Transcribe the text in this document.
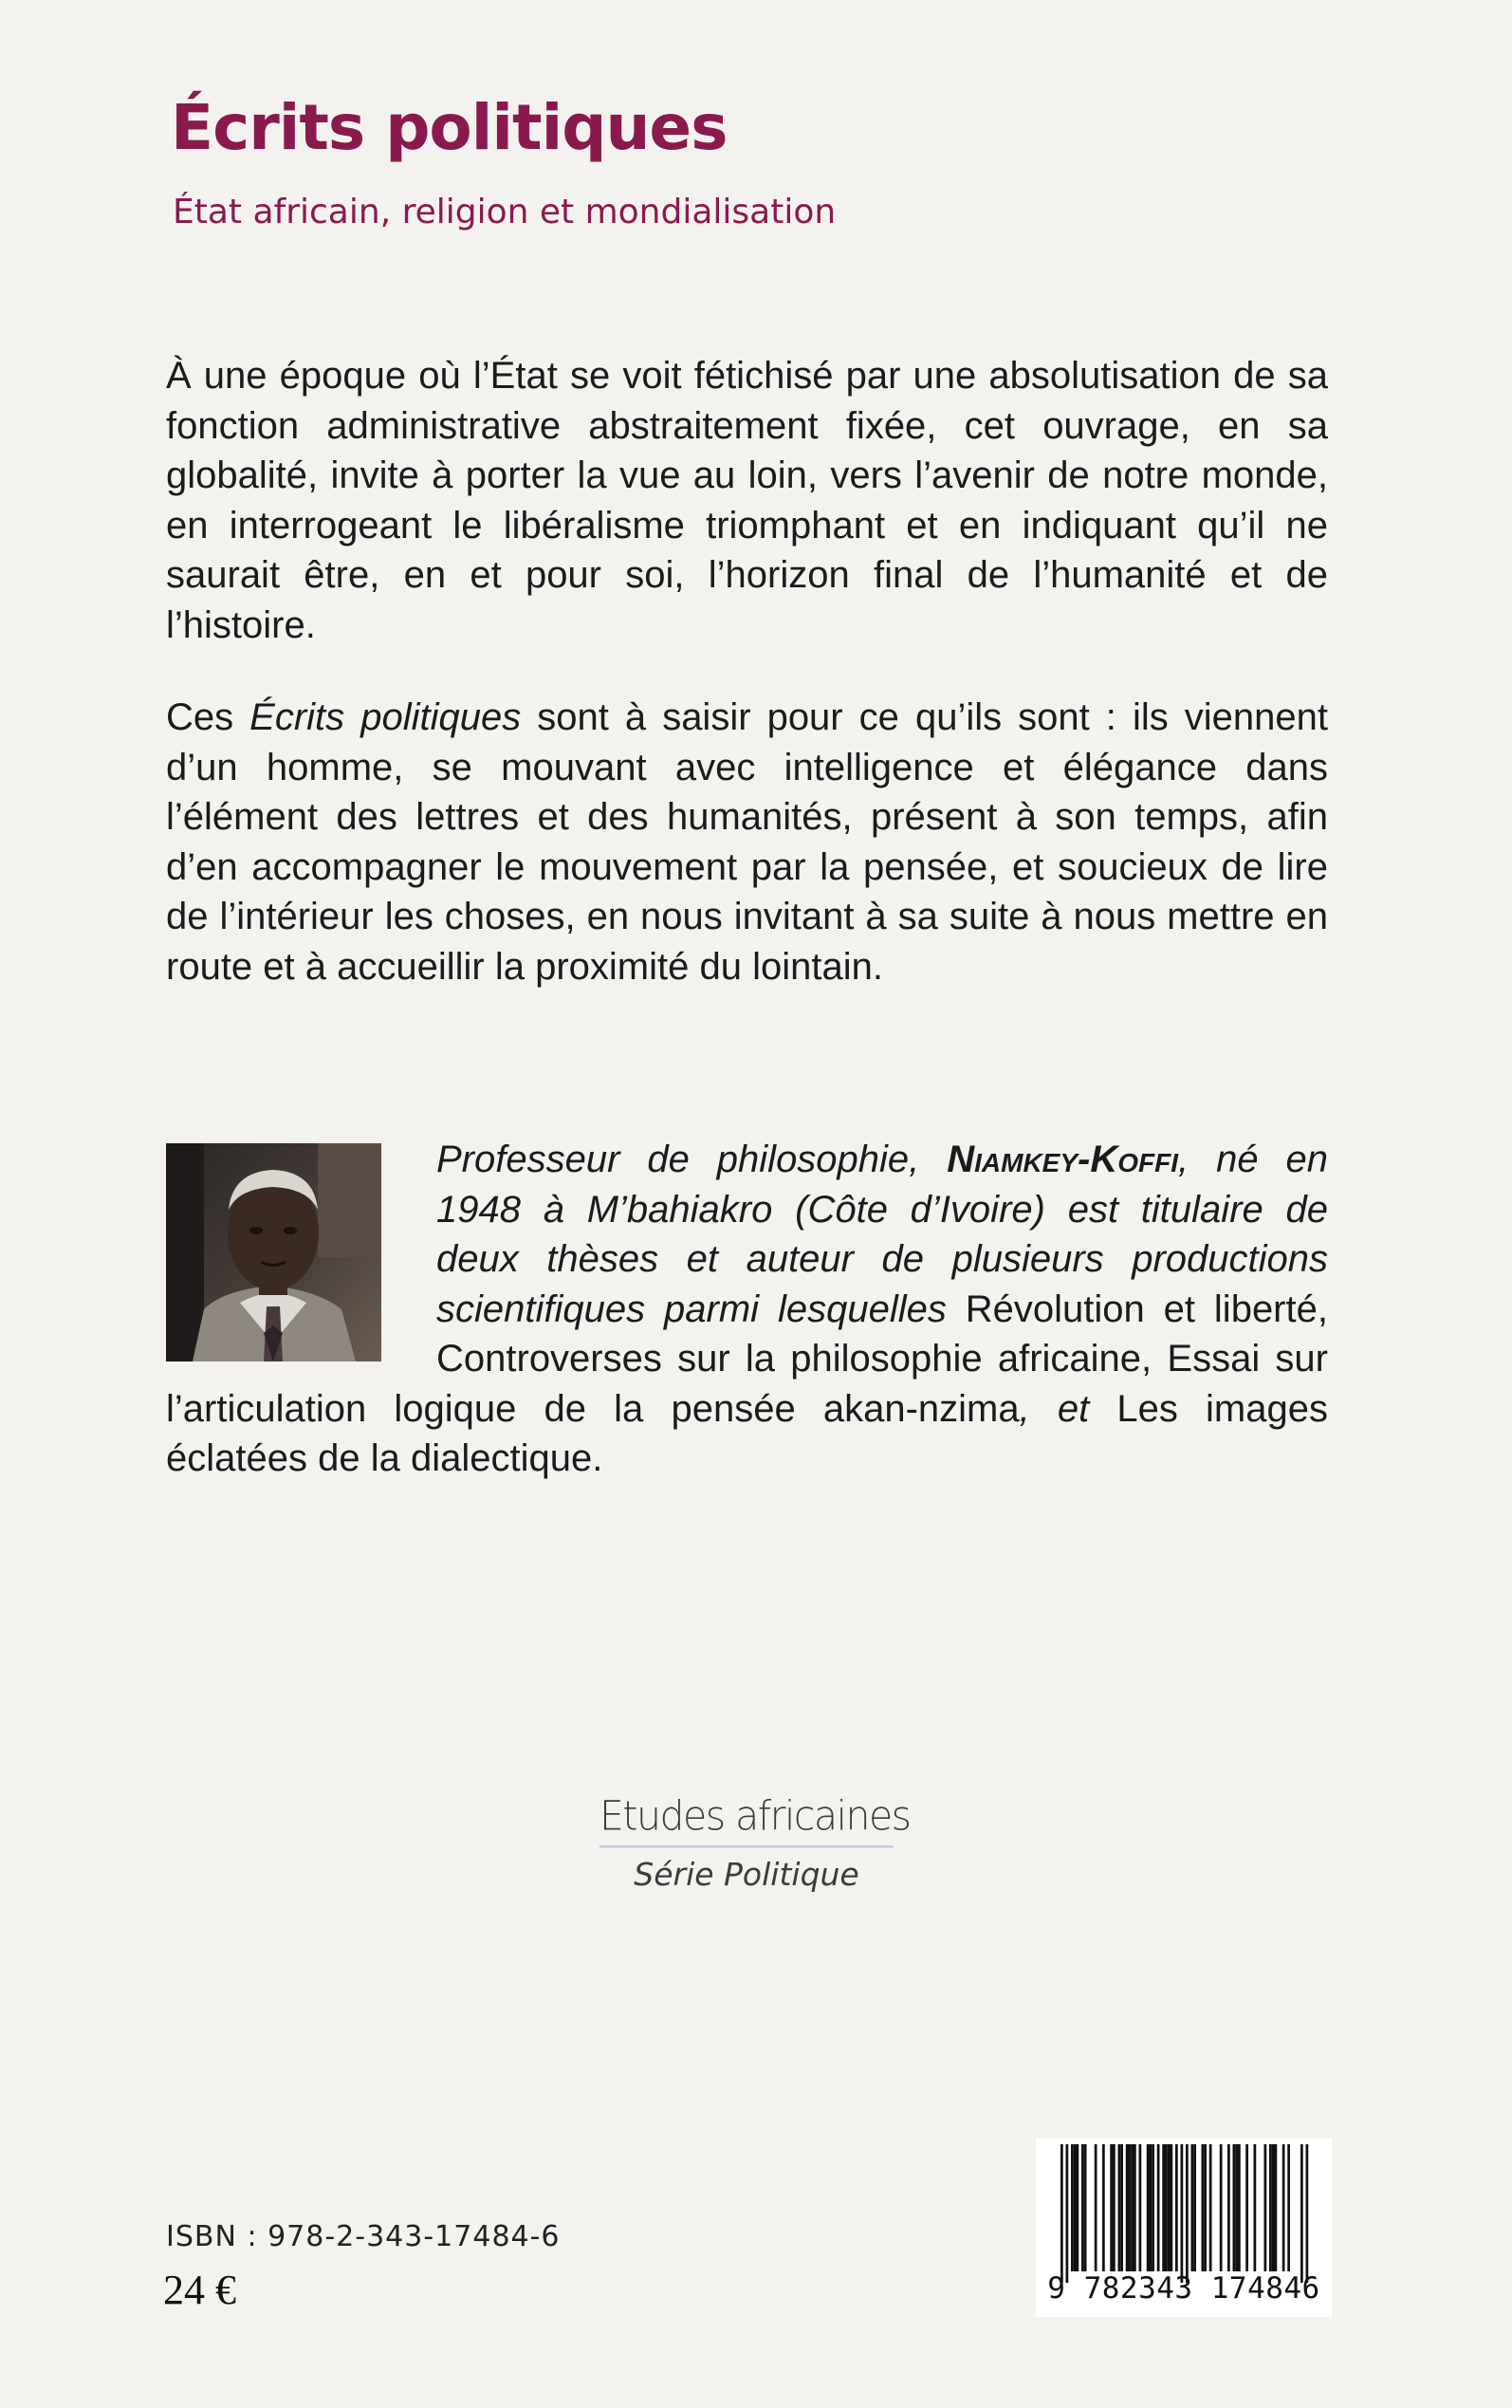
Écrits politiques
État africain, religion et mondialisation

À une époque où l’État se voit fétichisé par une absolutisation de sa fonction administrative abstraitement fixée, cet ouvrage, en sa globalité, invite à porter la vue au loin, vers l’avenir de notre monde, en interrogeant le libéralisme triomphant et en indiquant qu’il ne saurait être, en et pour soi, l’horizon final de l’humanité et de l’histoire.

Ces Écrits politiques sont à saisir pour ce qu’ils sont : ils viennent d’un homme, se mouvant avec intelligence et élégance dans l’élément des lettres et des humanités, présent à son temps, afin d’en accompagner le mouvement par la pensée, et soucieux de lire de l’intérieur les choses, en nous invitant à sa suite à nous mettre en route et à accueillir la proximité du lointain.

Professeur de philosophie, Niamkey-Koffi, né en 1948 à M’bahiakro (Côte d’Ivoire) est titulaire de deux thèses et auteur de plusieurs productions scientifiques parmi lesquelles Révolution et liberté, Controverses sur la philosophie africaine, Essai sur l’articulation logique de la pensée akan-nzima, et Les images éclatées de la dialectique.

Etudes africaines
Série Politique
ISBN : 978-2-343-17484-6
24 €	9 782343 174846
